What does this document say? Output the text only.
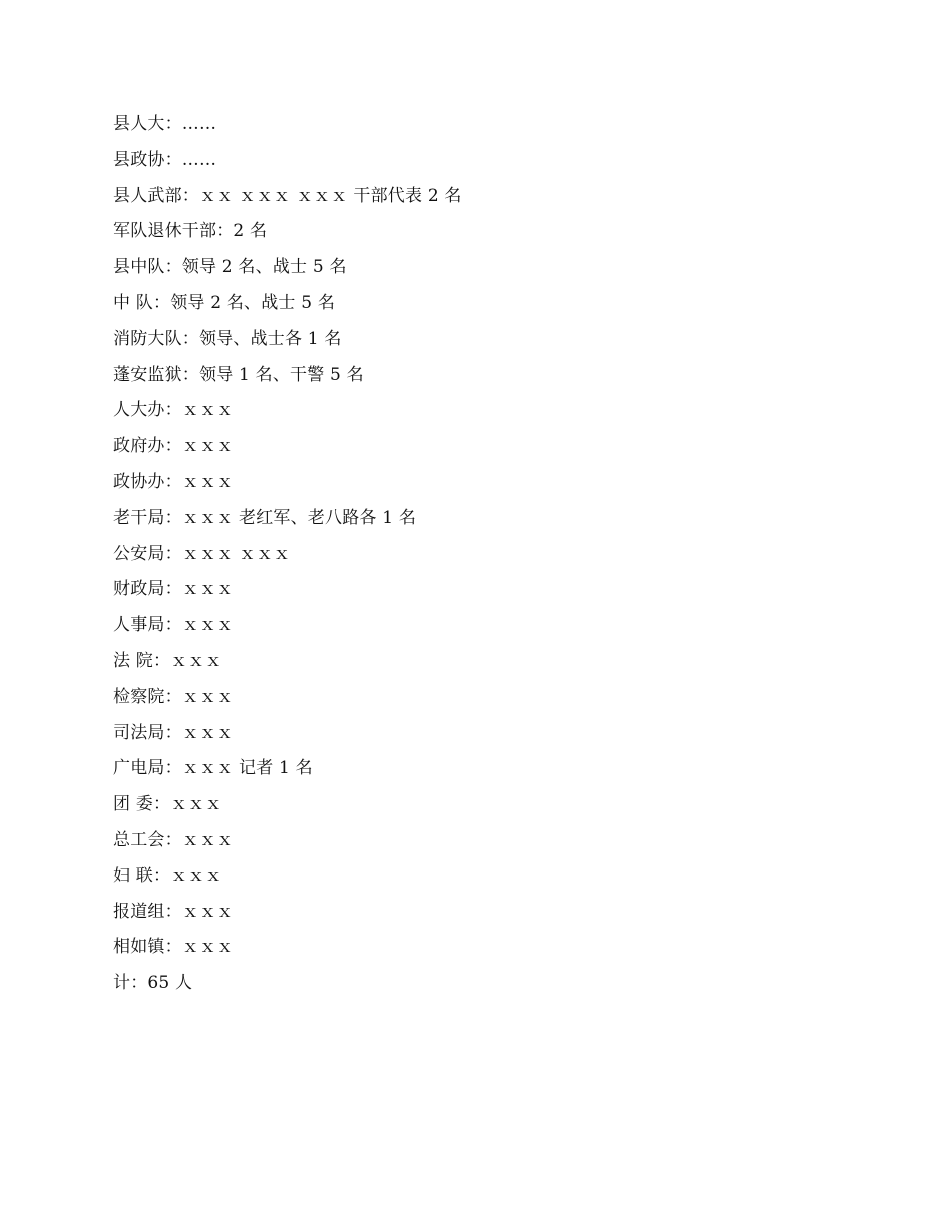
县人大：……
县政协：……
县人武部：ｘｘ ｘｘｘ ｘｘｘ 干部代表 2 名
军队退休干部：2 名
县中队：领导 2 名、战士 5 名
中 队：领导 2 名、战士 5 名
消防大队：领导、战士各 1 名
蓬安监狱：领导 1 名、干警 5 名
人大办：ｘｘｘ
政府办：ｘｘｘ
政协办：ｘｘｘ
老干局：ｘｘｘ 老红军、老八路各 1 名
公安局：ｘｘｘ ｘｘｘ
财政局：ｘｘｘ
人事局：ｘｘｘ
法 院：ｘｘｘ
检察院：ｘｘｘ
司法局：ｘｘｘ
广电局：ｘｘｘ 记者 1 名
团 委：ｘｘｘ
总工会：ｘｘｘ
妇 联：ｘｘｘ
报道组：ｘｘｘ
相如镇：ｘｘｘ
计：65 人
